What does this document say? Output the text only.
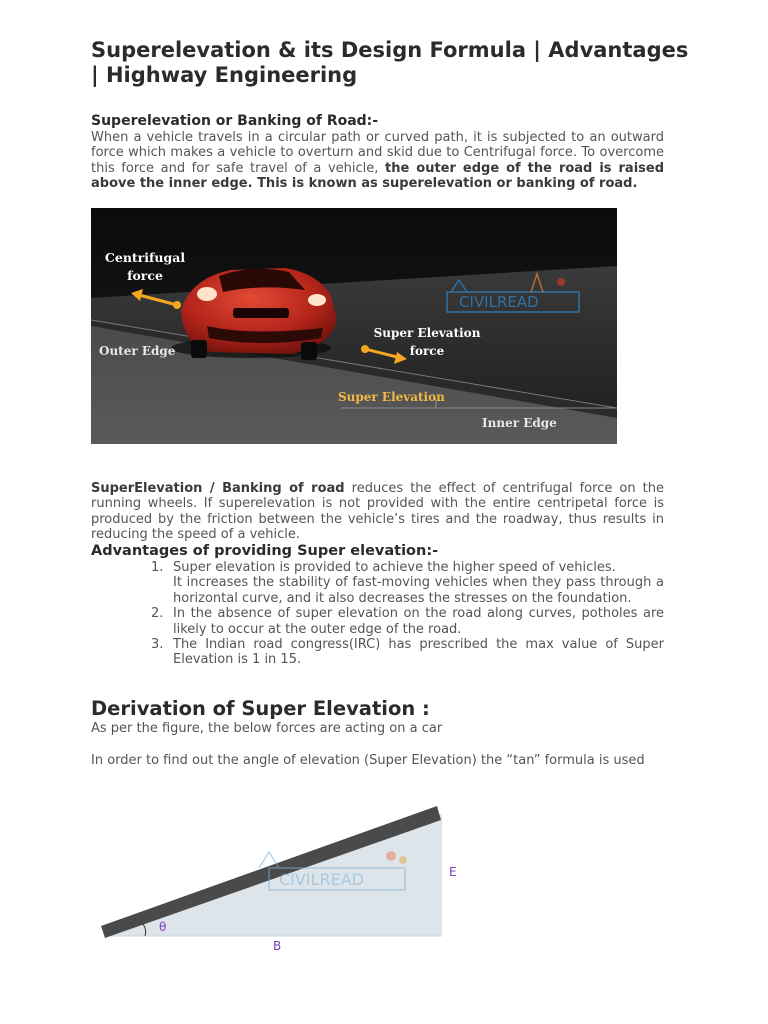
Superelevation & its Design Formula | Advantages | Highway Engineering
Superelevation or Banking of Road:-

When a vehicle travels in a circular path or curved path, it is subjected to an outward force which makes a vehicle to overturn and skid due to Centrifugal force. To overcome this force and for safe travel of a vehicle, the outer edge of the road is raised above the inner edge. This is known as superelevation or banking of road.

CIVILREAD
Centrifugal
force
Outer Edge
Super Elevation
force
Super Elevation
Inner Edge

SuperElevation / Banking of road reduces the effect of centrifugal force on the running wheels. If superelevation is not provided with the entire centripetal force is produced by the friction between the vehicle’s tires and the roadway, thus results in reducing the speed of a vehicle.

Advantages of providing Super elevation:-
1. Super elevation is provided to achieve the higher speed of vehicles.
It increases the stability of fast-moving vehicles when they pass through a horizontal curve, and it also decreases the stresses on the foundation.
2. In the absence of super elevation on the road along curves, potholes are likely to occur at the outer edge of the road.
3. The Indian road congress(IRC) has prescribed the max value of Super Elevation is 1 in 15.
Derivation of Super Elevation :

As per the figure, the below forces are acting on a car

In order to find out the angle of elevation (Super Elevation) the “tan” formula is used

CIVILREAD
θ
E
B
